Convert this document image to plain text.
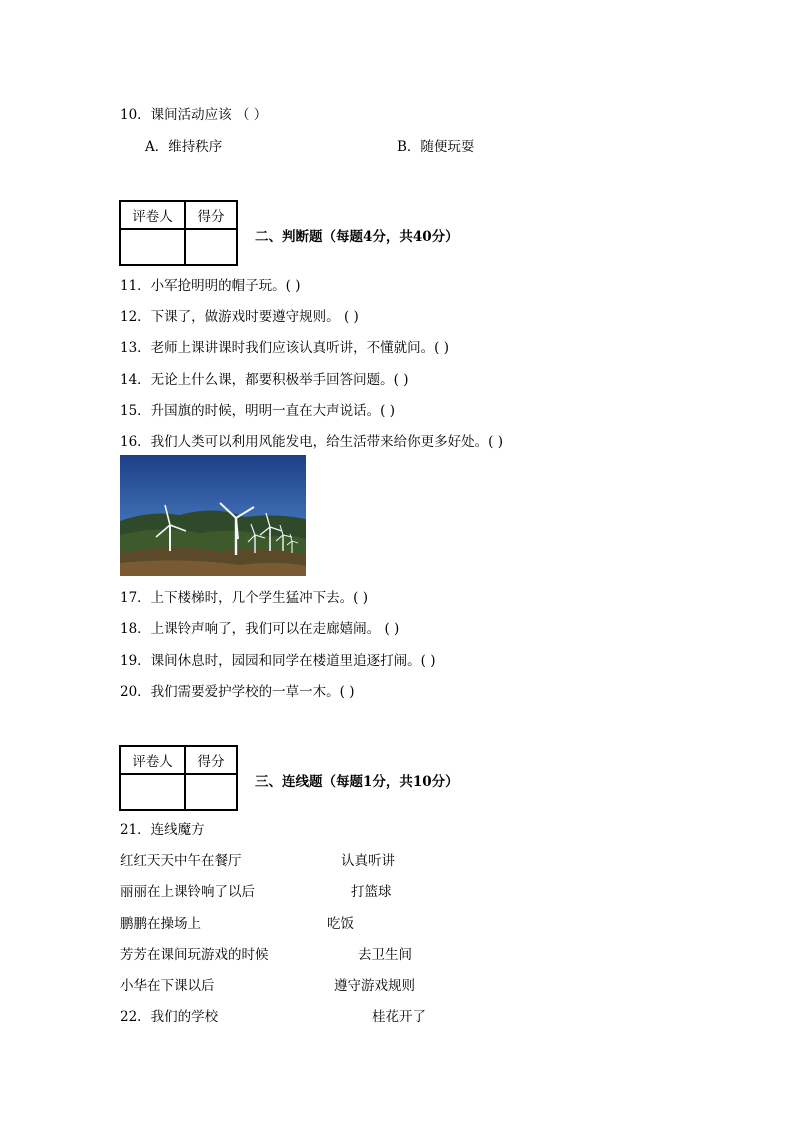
10．课间活动应该 （ ）
A．维持秩序	B．随便玩耍
评卷人	得分

二、判断题（每题4分，共40分）
11．小军抢明明的帽子玩。( )
12．下课了，做游戏时要遵守规则。 ( )
13．老师上课讲课时我们应该认真听讲，不懂就问。( )
14．无论上什么课，都要积极举手回答问题。( )
15．升国旗的时候，明明一直在大声说话。( )
16．我们人类可以利用风能发电，给生活带来给你更多好处。( )
17．上下楼梯时，几个学生猛冲下去。( )
18．上课铃声响了，我们可以在走廊嬉闹。 ( )
19．课间休息时，园园和同学在楼道里追逐打闹。( )
20．我们需要爱护学校的一草一木。( )
评卷人	得分

三、连线题（每题1分，共10分）
21．连线魔方
红红天天中午在餐厅	认真听讲
丽丽在上课铃响了以后	打篮球
鹏鹏在操场上	吃饭
芳芳在课间玩游戏的时候	去卫生间
小华在下课以后	遵守游戏规则
22．我们的学校	桂花开了
